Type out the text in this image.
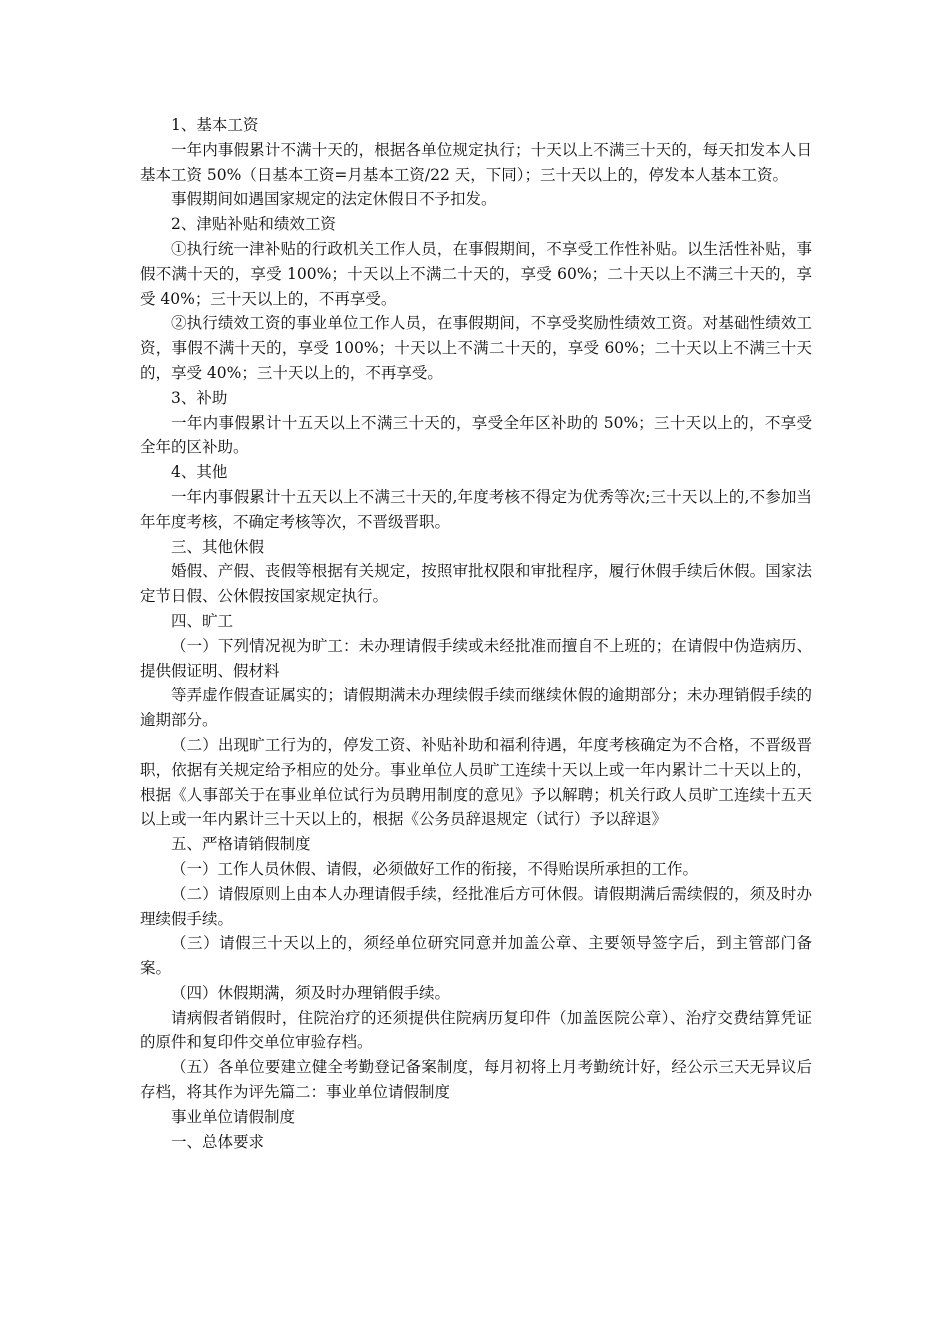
1、基本工资

一年内事假累计不满十天的，根据各单位规定执行；十天以上不满三十天的，每天扣发本人日基本工资 50%（日基本工资=月基本工资/22 天，下同）；三十天以上的，停发本人基本工资。

事假期间如遇国家规定的法定休假日不予扣发。

2、津贴补贴和绩效工资

①执行统一津补贴的行政机关工作人员，在事假期间，不享受工作性补贴。以生活性补贴，事假不满十天的，享受 100%；十天以上不满二十天的，享受 60%；二十天以上不满三十天的，享受 40%；三十天以上的，不再享受。

②执行绩效工资的事业单位工作人员，在事假期间，不享受奖励性绩效工资。对基础性绩效工资，事假不满十天的，享受 100%；十天以上不满二十天的，享受 60%；二十天以上不满三十天的，享受 40%；三十天以上的，不再享受。

3、补助

一年内事假累计十五天以上不满三十天的，享受全年区补助的 50%；三十天以上的，不享受全年的区补助。

4、其他

一年内事假累计十五天以上不满三十天的,年度考核不得定为优秀等次;三十天以上的,不参加当年年度考核，不确定考核等次，不晋级晋职。

三、其他休假

婚假、产假、丧假等根据有关规定，按照审批权限和审批程序，履行休假手续后休假。国家法定节日假、公休假按国家规定执行。

四、旷工

（一）下列情况视为旷工：未办理请假手续或未经批准而擅自不上班的；在请假中伪造病历、提供假证明、假材料

等弄虚作假查证属实的；请假期满未办理续假手续而继续休假的逾期部分；未办理销假手续的逾期部分。

（二）出现旷工行为的，停发工资、补贴补助和福利待遇，年度考核确定为不合格，不晋级晋职，依据有关规定给予相应的处分。事业单位人员旷工连续十天以上或一年内累计二十天以上的，根据《人事部关于在事业单位试行为员聘用制度的意见》予以解聘；机关行政人员旷工连续十五天以上或一年内累计三十天以上的，根据《公务员辞退规定（试行）予以辞退》

五、严格请销假制度

（一）工作人员休假、请假，必须做好工作的衔接，不得贻误所承担的工作。

（二）请假原则上由本人办理请假手续，经批准后方可休假。请假期满后需续假的，须及时办理续假手续。

（三）请假三十天以上的，须经单位研究同意并加盖公章、主要领导签字后，到主管部门备案。

（四）休假期满，须及时办理销假手续。

请病假者销假时，住院治疗的还须提供住院病历复印件（加盖医院公章）、治疗交费结算凭证的原件和复印件交单位审验存档。

（五）各单位要建立健全考勤登记备案制度，每月初将上月考勤统计好，经公示三天无异议后存档，将其作为评先篇二：事业单位请假制度

事业单位请假制度

一、总体要求
